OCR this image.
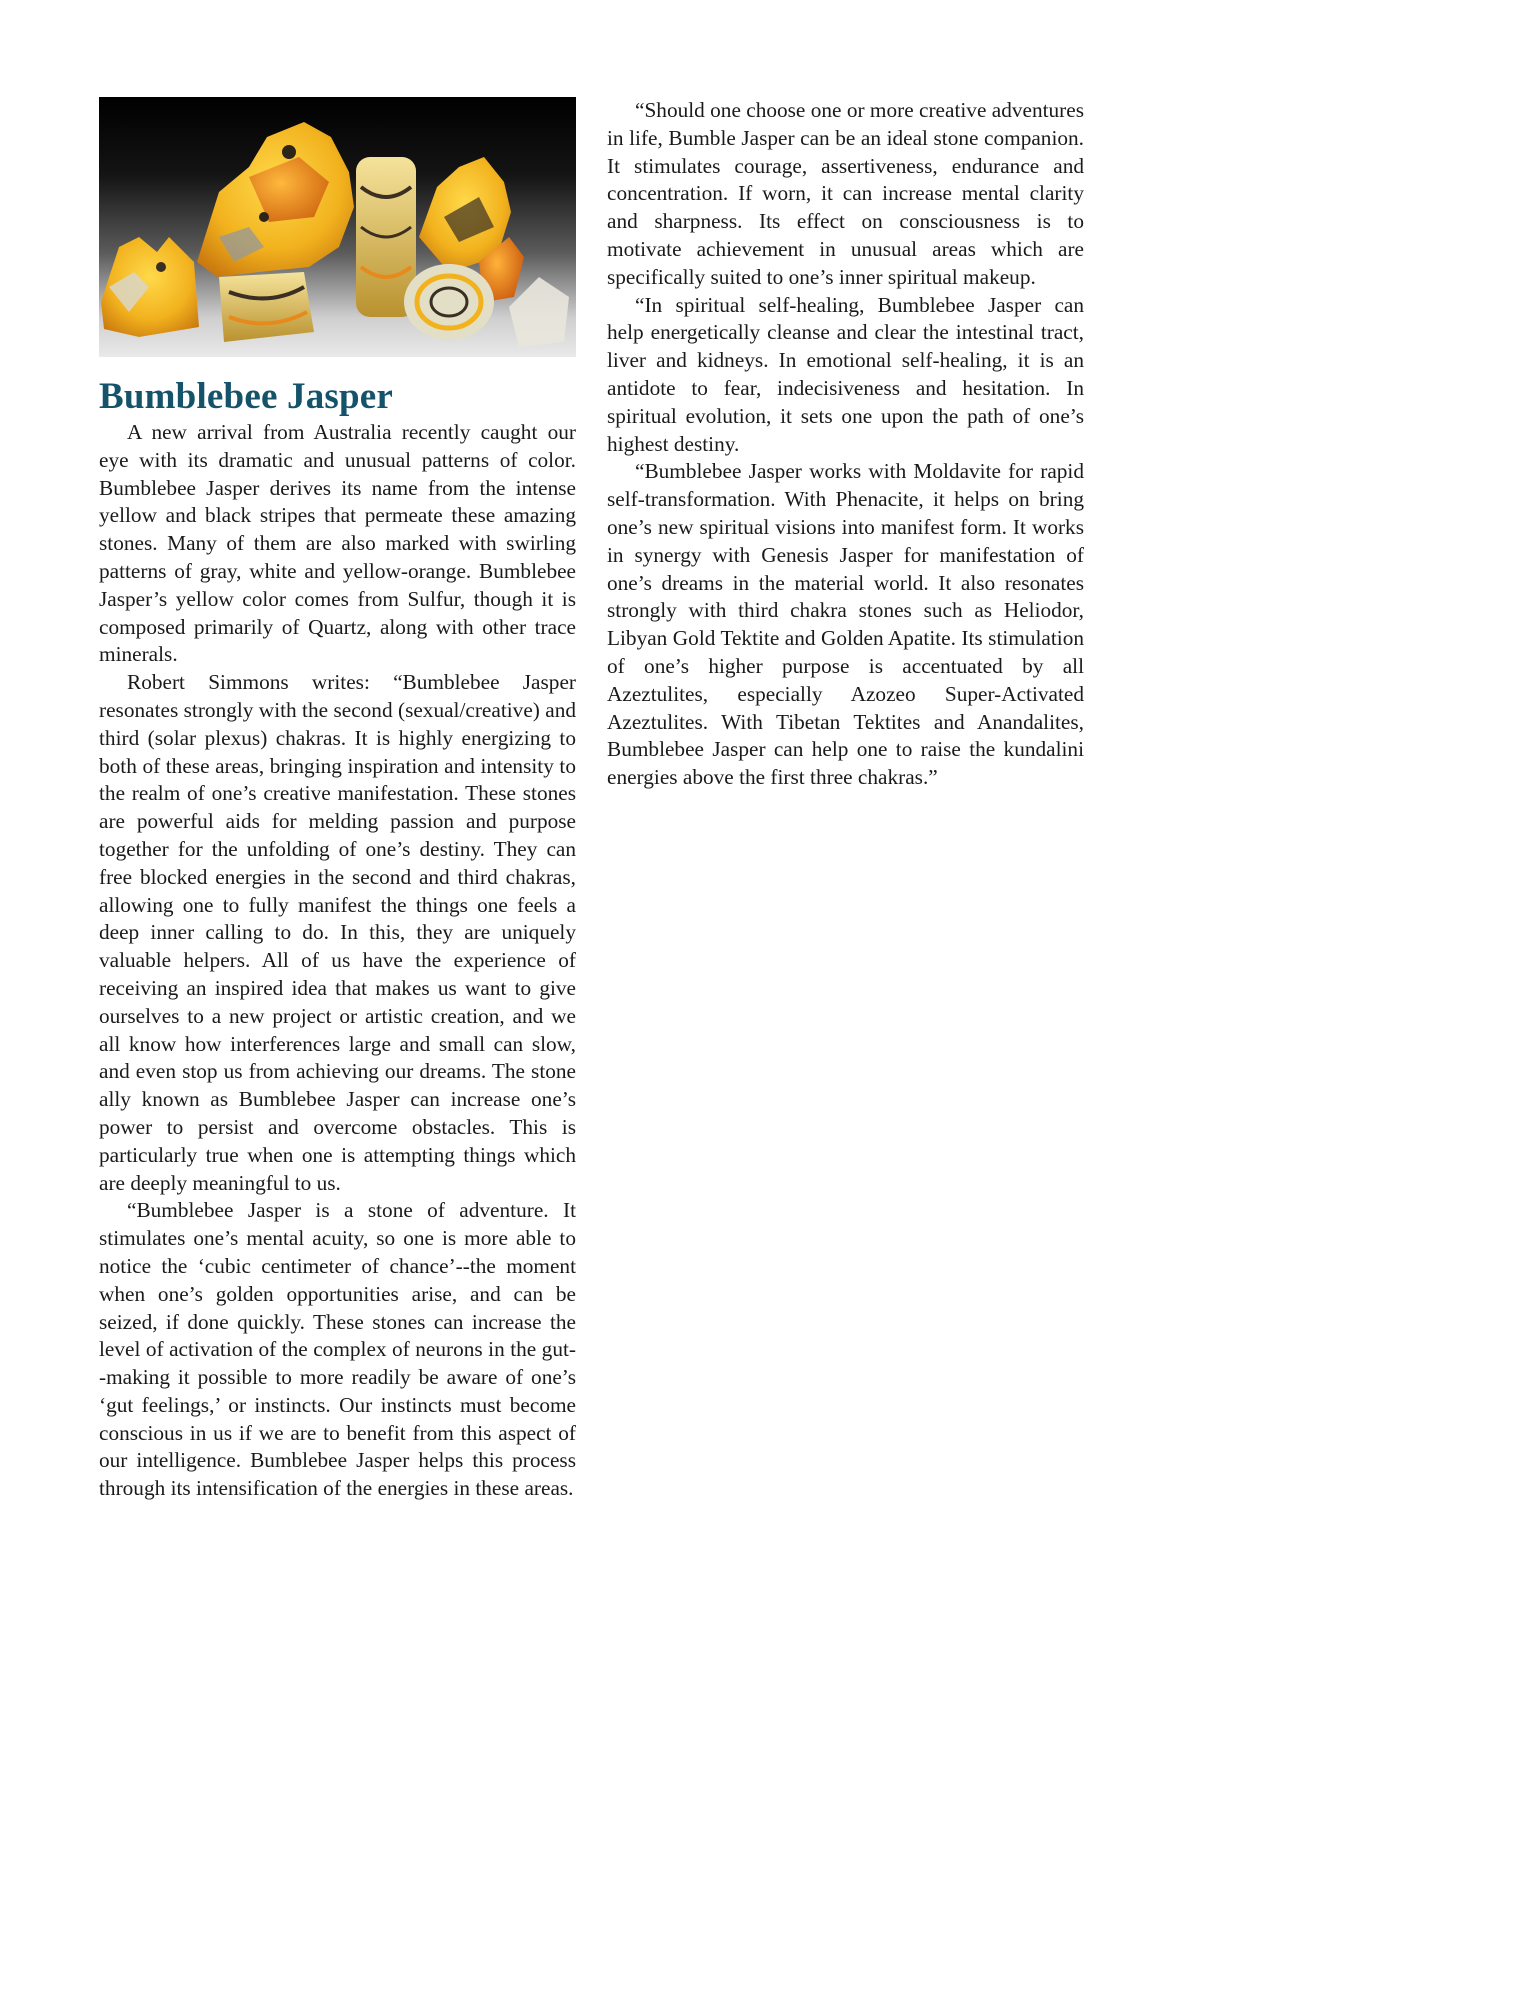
Bumblebee Jasper

A new arrival from Australia recently caught our eye with its dramatic and unusual patterns of color. Bumblebee Jasper derives its name from the intense yellow and black stripes that permeate these amazing stones. Many of them are also marked with swirling patterns of gray, white and yellow-orange. Bumblebee Jasper’s yellow color comes from Sulfur, though it is composed primarily of Quartz, along with other trace minerals.

Robert Simmons writes: “Bumblebee Jasper resonates strongly with the second (sexual/creative) and third (solar plexus) chakras. It is highly energizing to both of these areas, bringing inspiration and intensity to the realm of one’s creative manifestation. These stones are powerful aids for melding passion and purpose together for the unfolding of one’s destiny. They can free blocked energies in the second and third chakras, allowing one to fully manifest the things one feels a deep inner calling to do. In this, they are uniquely valuable helpers. All of us have the experience of receiving an inspired idea that makes us want to give ourselves to a new project or artistic creation, and we all know how interferences large and small can slow, and even stop us from achieving our dreams. The stone ally known as Bumblebee Jasper can increase one’s power to persist and overcome obstacles. This is particularly true when one is attempting things which are deeply meaningful to us.

“Bumblebee Jasper is a stone of adventure. It stimulates one’s mental acuity, so one is more able to notice the ‘cubic centimeter of chance’--the moment when one’s golden opportunities arise, and can be seized, if done quickly. These stones can increase the level of activation of the complex of neurons in the gut--making it possible to more readily be aware of one’s ‘gut feelings,’ or instincts. Our instincts must become conscious in us if we are to benefit from this aspect of our intelligence. Bumblebee Jasper helps this process through its intensification of the energies in these areas.

“Should one choose one or more creative adventures in life, Bumble Jasper can be an ideal stone companion. It stimulates courage, assertiveness, endurance and concentration. If worn, it can increase mental clarity and sharpness. Its effect on consciousness is to motivate achievement in unusual areas which are specifically suited to one’s inner spiritual makeup.

“In spiritual self-healing, Bumblebee Jasper can help energetically cleanse and clear the intestinal tract, liver and kidneys. In emotional self-healing, it is an antidote to fear, indecisiveness and hesitation. In spiritual evolution, it sets one upon the path of one’s highest destiny.

“Bumblebee Jasper works with Moldavite for rapid self-transformation. With Phenacite, it helps on bring one’s new spiritual visions into manifest form. It works in synergy with Genesis Jasper for manifestation of one’s dreams in the material world. It also resonates strongly with third chakra stones such as Heliodor, Libyan Gold Tektite and Golden Apatite. Its stimulation of one’s higher purpose is accentuated by all Azeztulites, especially Azozeo Super-Activated Azeztulites. With Tibetan Tektites and Anandalites, Bumblebee Jasper can help one to raise the kundalini energies above the first three chakras.”
